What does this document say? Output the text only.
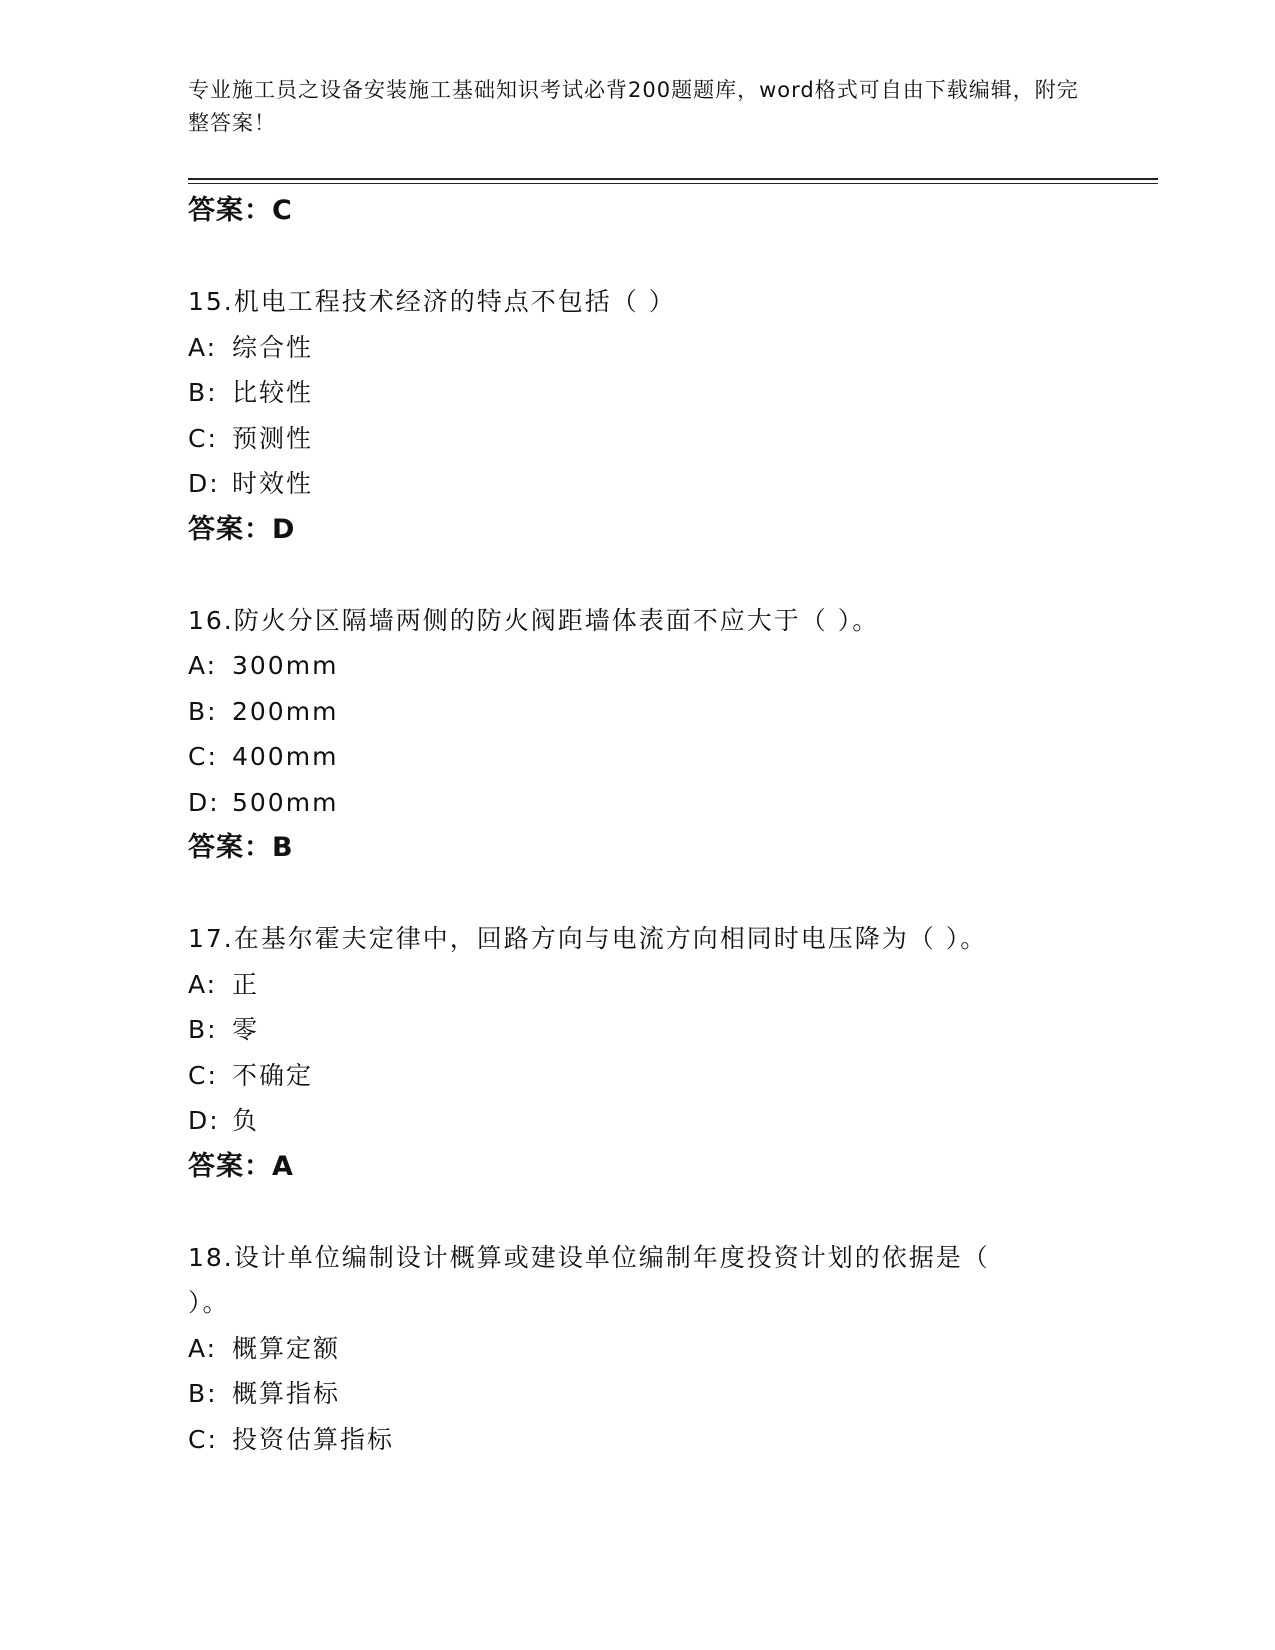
专业施工员之设备安装施工基础知识考试必背200题题库，word格式可自由下载编辑，附完整答案！
答案：C
15.机电工程技术经济的特点不包括（ ）
A: 综合性
B: 比较性
C: 预测性
D: 时效性
答案：D
16.防火分区隔墙两侧的防火阀距墙体表面不应大于（ ）。
A: 300mm
B: 200mm
C: 400mm
D: 500mm
答案：B
17.在基尔霍夫定律中，回路方向与电流方向相同时电压降为（ ）。
A: 正
B: 零
C: 不确定
D: 负
答案：A
18.设计单位编制设计概算或建设单位编制年度投资计划的依据是（
）。
A: 概算定额
B: 概算指标
C: 投资估算指标
